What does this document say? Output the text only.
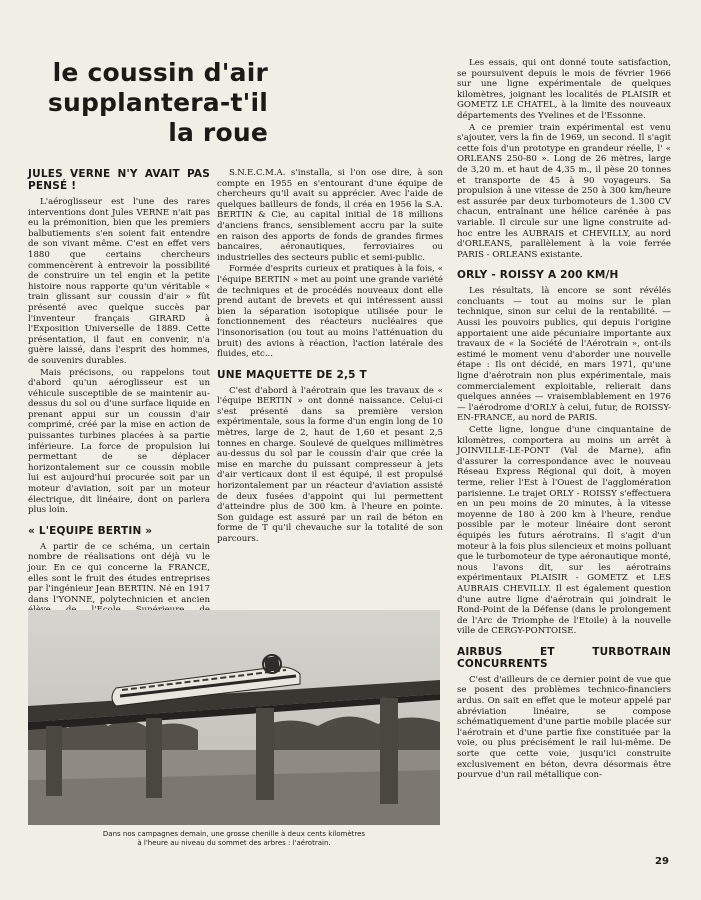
le coussin d'air
supplantera-t'il
la roue
JULES VERNE N'Y AVAIT PAS PENSÉ !

L'aéroglisseur est l'une des rares interventions dont Jules VERNE n'ait pas eu la prémonition, bien que les premiers balbutiements s'en soient fait entendre de son vivant même. C'est en effet vers 1880 que certains chercheurs commencèrent à entrevoir la possibilité de construire un tel engin et la petite histoire nous rapporte qu'un véritable « train glissant sur coussin d'air » fût présenté avec quelque succès par l'inventeur français GIRARD à l'Exposition Universelle de 1889. Cette présentation, il faut en convenir, n'a guère laissé, dans l'esprit des hommes, de souvenirs durables.

Mais précisons, ou rappelons tout d'abord qu'un aéroglisseur est un véhicule susceptible de se maintenir au-dessus du sol ou d'une surface liquide en prenant appui sur un coussin d'air comprimé, créé par la mise en action de puissantes turbines placées à sa partie inférieure. La force de propulsion lui permettant de se déplacer horizontalement sur ce coussin mobile lui est aujourd'hui procurée soit par un moteur d'aviation, soit par un moteur électrique, dit linéaire, dont on parlera plus loin.

« L'EQUIPE BERTIN »

A partir de ce schéma, un certain nombre de réalisations ont déjà vu le jour. En ce qui concerne la FRANCE, elles sont le fruit des études entreprises par l'ingénieur Jean BERTIN. Né en 1917 dans l'YONNE, polytechnicien et ancien

S.N.E.C.M.A. s'installa, si l'on ose dire, à son compte en 1955 en s'entourant d'une équipe de chercheurs qu'il avait su apprécier. Avec l'aide de quelques bailleurs de fonds, il créa en 1956 la S.A. BERTIN & Cie, au capital initial de 18 millions d'anciens francs, sensiblement accru par la suite en raison des apports de fonds de grandes firmes bancaires, aéronautiques, ferroviaires ou industrielles des secteurs public et semi-public.

Formée d'esprits curieux et pratiques à la fois, « l'équipe BERTIN » met au point une grande variété de techniques et de procédés nouveaux dont elle prend autant de brevets et qui intéressent aussi bien la séparation isotopique utilisée pour le fonctionnement des réacteurs nucléaires que l'insonorisation (ou tout au moins l'atténuation du bruit) des avions à réaction, l'action latérale des fluides, etc...

UNE MAQUETTE DE 2,5 T

C'est d'abord à l'aérotrain que les travaux de « l'équipe BERTIN » ont donné naissance. Celui-ci s'est présenté dans sa première version expérimentale, sous la forme d'un engin long de 10 mètres, large de 2, haut de 1,60 et pesant 2,5 tonnes en charge. Soulevé de quelques millimètres au-dessus du sol par le coussin d'air que crée la mise en marche du puissant compresseur à jets d'air verticaux dont il est équipé, il est propulsé horizontalement par un réacteur d'aviation assisté de deux fusées d'appoint qui lui permettent d'atteindre plus de 300 km. à l'heure en pointe. Son guidage est assuré par un rail de béton en forme de T qu'il chevauche sur la totalité de son parcours.

Les essais, qui ont donné toute satisfaction, se poursuivent depuis le mois de février 1966 sur une ligne expérimentale de quelques kilomètres, joignant les localités de PLAISIR et GOMETZ LE CHATEL, à la limite des nouveaux départements des Yvelines et de l'Essonne.

A ce premier train expérimental est venu s'ajouter, vers la fin de 1969, un second. Il s'agit cette fois d'un prototype en grandeur réelle, l' « ORLEANS 250-80 ». Long de 26 mètres, large de 3,20 m. et haut de 4,35 m., il pèse 20 tonnes et transporte de 45 à 90 voyageurs. Sa propulsion à une vitesse de 250 à 300 km/heure est assurée par deux turbomoteurs de 1.300 CV chacun, entraînant une hélice carénée à pas variable. Il circule sur une ligne construite ad-hoc entre les AUBRAIS et CHEVILLY, au nord d'ORLEANS, parallèlement à la voie ferrée PARIS - ORLEANS existante.

ORLY - ROISSY A 200 KM/H

Les résultats, là encore se sont révélés concluants — tout au moins sur le plan technique, sinon sur celui de la rentabilité. — Aussi les pouvoirs publics, qui depuis l'origine apportaient une aide pécuniaire importante aux travaux de « la Société de l'Aérotrain », ont-ils estimé le moment venu d'aborder une nouvelle étape : Ils ont décidé, en mars 1971, qu'une ligne d'aérotrain non plus expérimentale, mais commercialement exploitable, relierait dans quelques années — vraisemblablement en 1976 — l'aérodrome d'ORLY à celui, futur, de ROISSY-EN-FRANCE, au nord de PARIS.

Cette ligne, longue d'une cinquantaine de kilomètres, comportera au moins un arrêt à JOINVILLE-LE-PONT (Val de Marne), afin d'assurer la correspondance avec le nouveau Réseau Express Régional qui doit, à moyen terme, relier l'Est à l'Ouest de l'agglomération parisienne. Le trajet ORLY - ROISSY s'effectuera en un peu moins de 20 minutes, à la vitesse moyenne de 180 à 200 km à l'heure, rendue possible par le moteur linéaire dont seront équipés les futurs aérotrains. Il s'agit d'un moteur à la fois plus silencieux et moins polluant que le turbomoteur de type aéronautique monté, nous l'avons dit, sur les aérotrains expérimentaux PLAISIR - GOMETZ et LES AUBRAIS CHEVILLY. Il est également question d'une autre ligne d'aérotrain qui joindrait le Rond-Point de la Défense (dans le prolongement de l'Arc de Triomphe de l'Etoile) à la nouvelle ville de CERGY-PONTOISE.

AIRBUS ET TURBOTRAIN CONCURRENTS

C'est d'ailleurs de ce dernier point de vue que se posent des problèmes technico-financiers ardus. On sait en effet que le moteur appelé par abréviation linéaire, se compose schématiquement d'une partie mobile placée sur l'aérotrain et d'une partie fixe constituée par la voie, ou plus précisément le rail lui-même. De sorte que cette voie, jusqu'ici construite exclusivement en béton, devra désormais être pourvue d'un rail métallique con-

Dans nos campagnes demain, une grosse chenille à deux cents kilomètres
à l'heure au niveau du sommet des arbres : l'aérotrain.
29
